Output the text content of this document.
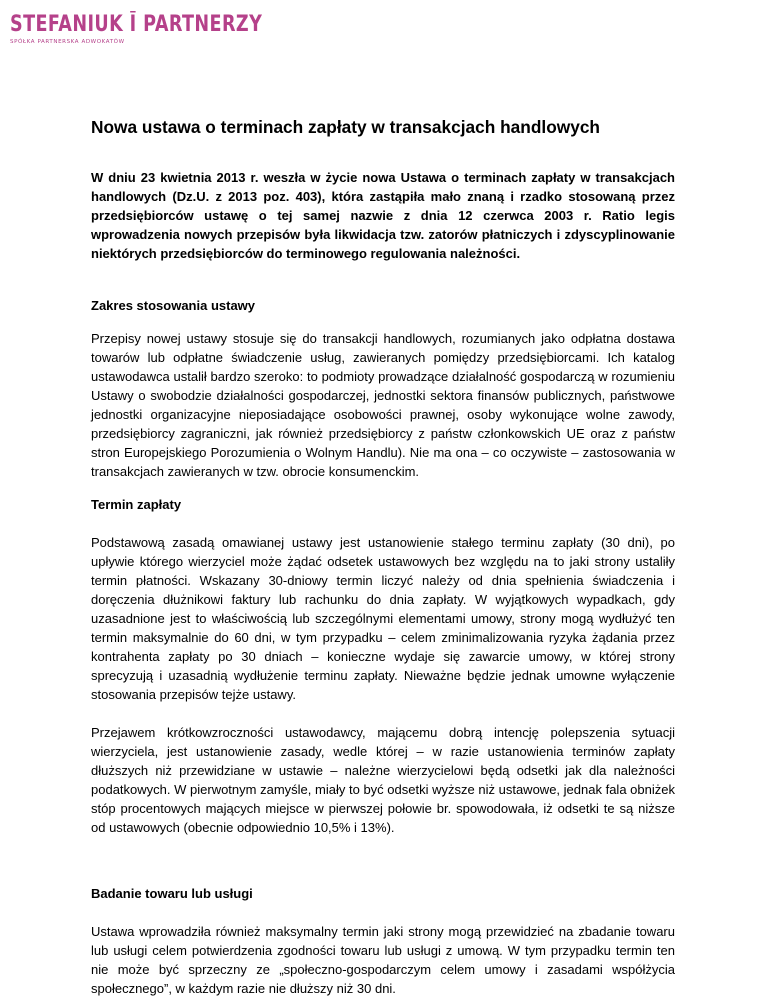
STEFANIUK Ī PARTNERZY
SPÓŁKA PARTNERSKA ADWOKATÓW
Nowa ustawa o terminach zapłaty w transakcjach handlowych

W dniu 23 kwietnia 2013 r. weszła w życie nowa Ustawa o terminach zapłaty w transakcjach handlowych (Dz.U. z 2013 poz. 403), która zastąpiła mało znaną i rzadko stosowaną przez przedsiębiorców ustawę o tej samej nazwie z dnia 12 czerwca 2003 r. Ratio legis wprowadzenia nowych przepisów była likwidacja tzw. zatorów płatniczych i zdyscyplinowanie niektórych przedsiębiorców do terminowego regulowania należności.

Zakres stosowania ustawy

Przepisy nowej ustawy stosuje się do transakcji handlowych, rozumianych jako odpłatna dostawa towarów lub odpłatne świadczenie usług, zawieranych pomiędzy przedsiębiorcami. Ich katalog ustawodawca ustalił bardzo szeroko: to podmioty prowadzące działalność gospodarczą w rozumieniu Ustawy o swobodzie działalności gospodarczej, jednostki sektora finansów publicznych, państwowe jednostki organizacyjne nieposiadające osobowości prawnej, osoby wykonujące wolne zawody, przedsiębiorcy zagraniczni, jak również przedsiębiorcy z państw członkowskich UE oraz z państw stron Europejskiego Porozumienia o Wolnym Handlu). Nie ma ona – co oczywiste – zastosowania w transakcjach zawieranych w tzw. obrocie konsumenckim.

Termin zapłaty

Podstawową zasadą omawianej ustawy jest ustanowienie stałego terminu zapłaty (30 dni), po upływie którego wierzyciel może żądać odsetek ustawowych bez względu na to jaki strony ustaliły termin płatności. Wskazany 30-dniowy termin liczyć należy od dnia spełnienia świadczenia i doręczenia dłużnikowi faktury lub rachunku do dnia zapłaty. W wyjątkowych wypadkach, gdy uzasadnione jest to właściwością lub szczególnymi elementami umowy, strony mogą wydłużyć ten termin maksymalnie do 60 dni, w tym przypadku – celem zminimalizowania ryzyka żądania przez kontrahenta zapłaty po 30 dniach – konieczne wydaje się zawarcie umowy, w której strony sprecyzują i uzasadnią wydłużenie terminu zapłaty. Nieważne będzie jednak umowne wyłączenie stosowania przepisów tejże ustawy.

Przejawem krótkowzroczności ustawodawcy, mającemu dobrą intencję polepszenia sytuacji wierzyciela, jest ustanowienie zasady, wedle której – w razie ustanowienia terminów zapłaty dłuższych niż przewidziane w ustawie – należne wierzycielowi będą odsetki jak dla należności podatkowych. W pierwotnym zamyśle, miały to być odsetki wyższe niż ustawowe, jednak fala obniżek stóp procentowych mających miejsce w pierwszej połowie br. spowodowała, iż odsetki te są niższe od ustawowych (obecnie odpowiednio 10,5% i 13%).

Badanie towaru lub usługi

Ustawa wprowadziła również maksymalny termin jaki strony mogą przewidzieć na zbadanie towaru lub usługi celem potwierdzenia zgodności towaru lub usługi z umową. W tym przypadku termin ten nie może być sprzeczny ze „społeczno-gospodarczym celem umowy i zasadami współżycia społecznego”, w każdym razie nie dłuższy niż 30 dni.
